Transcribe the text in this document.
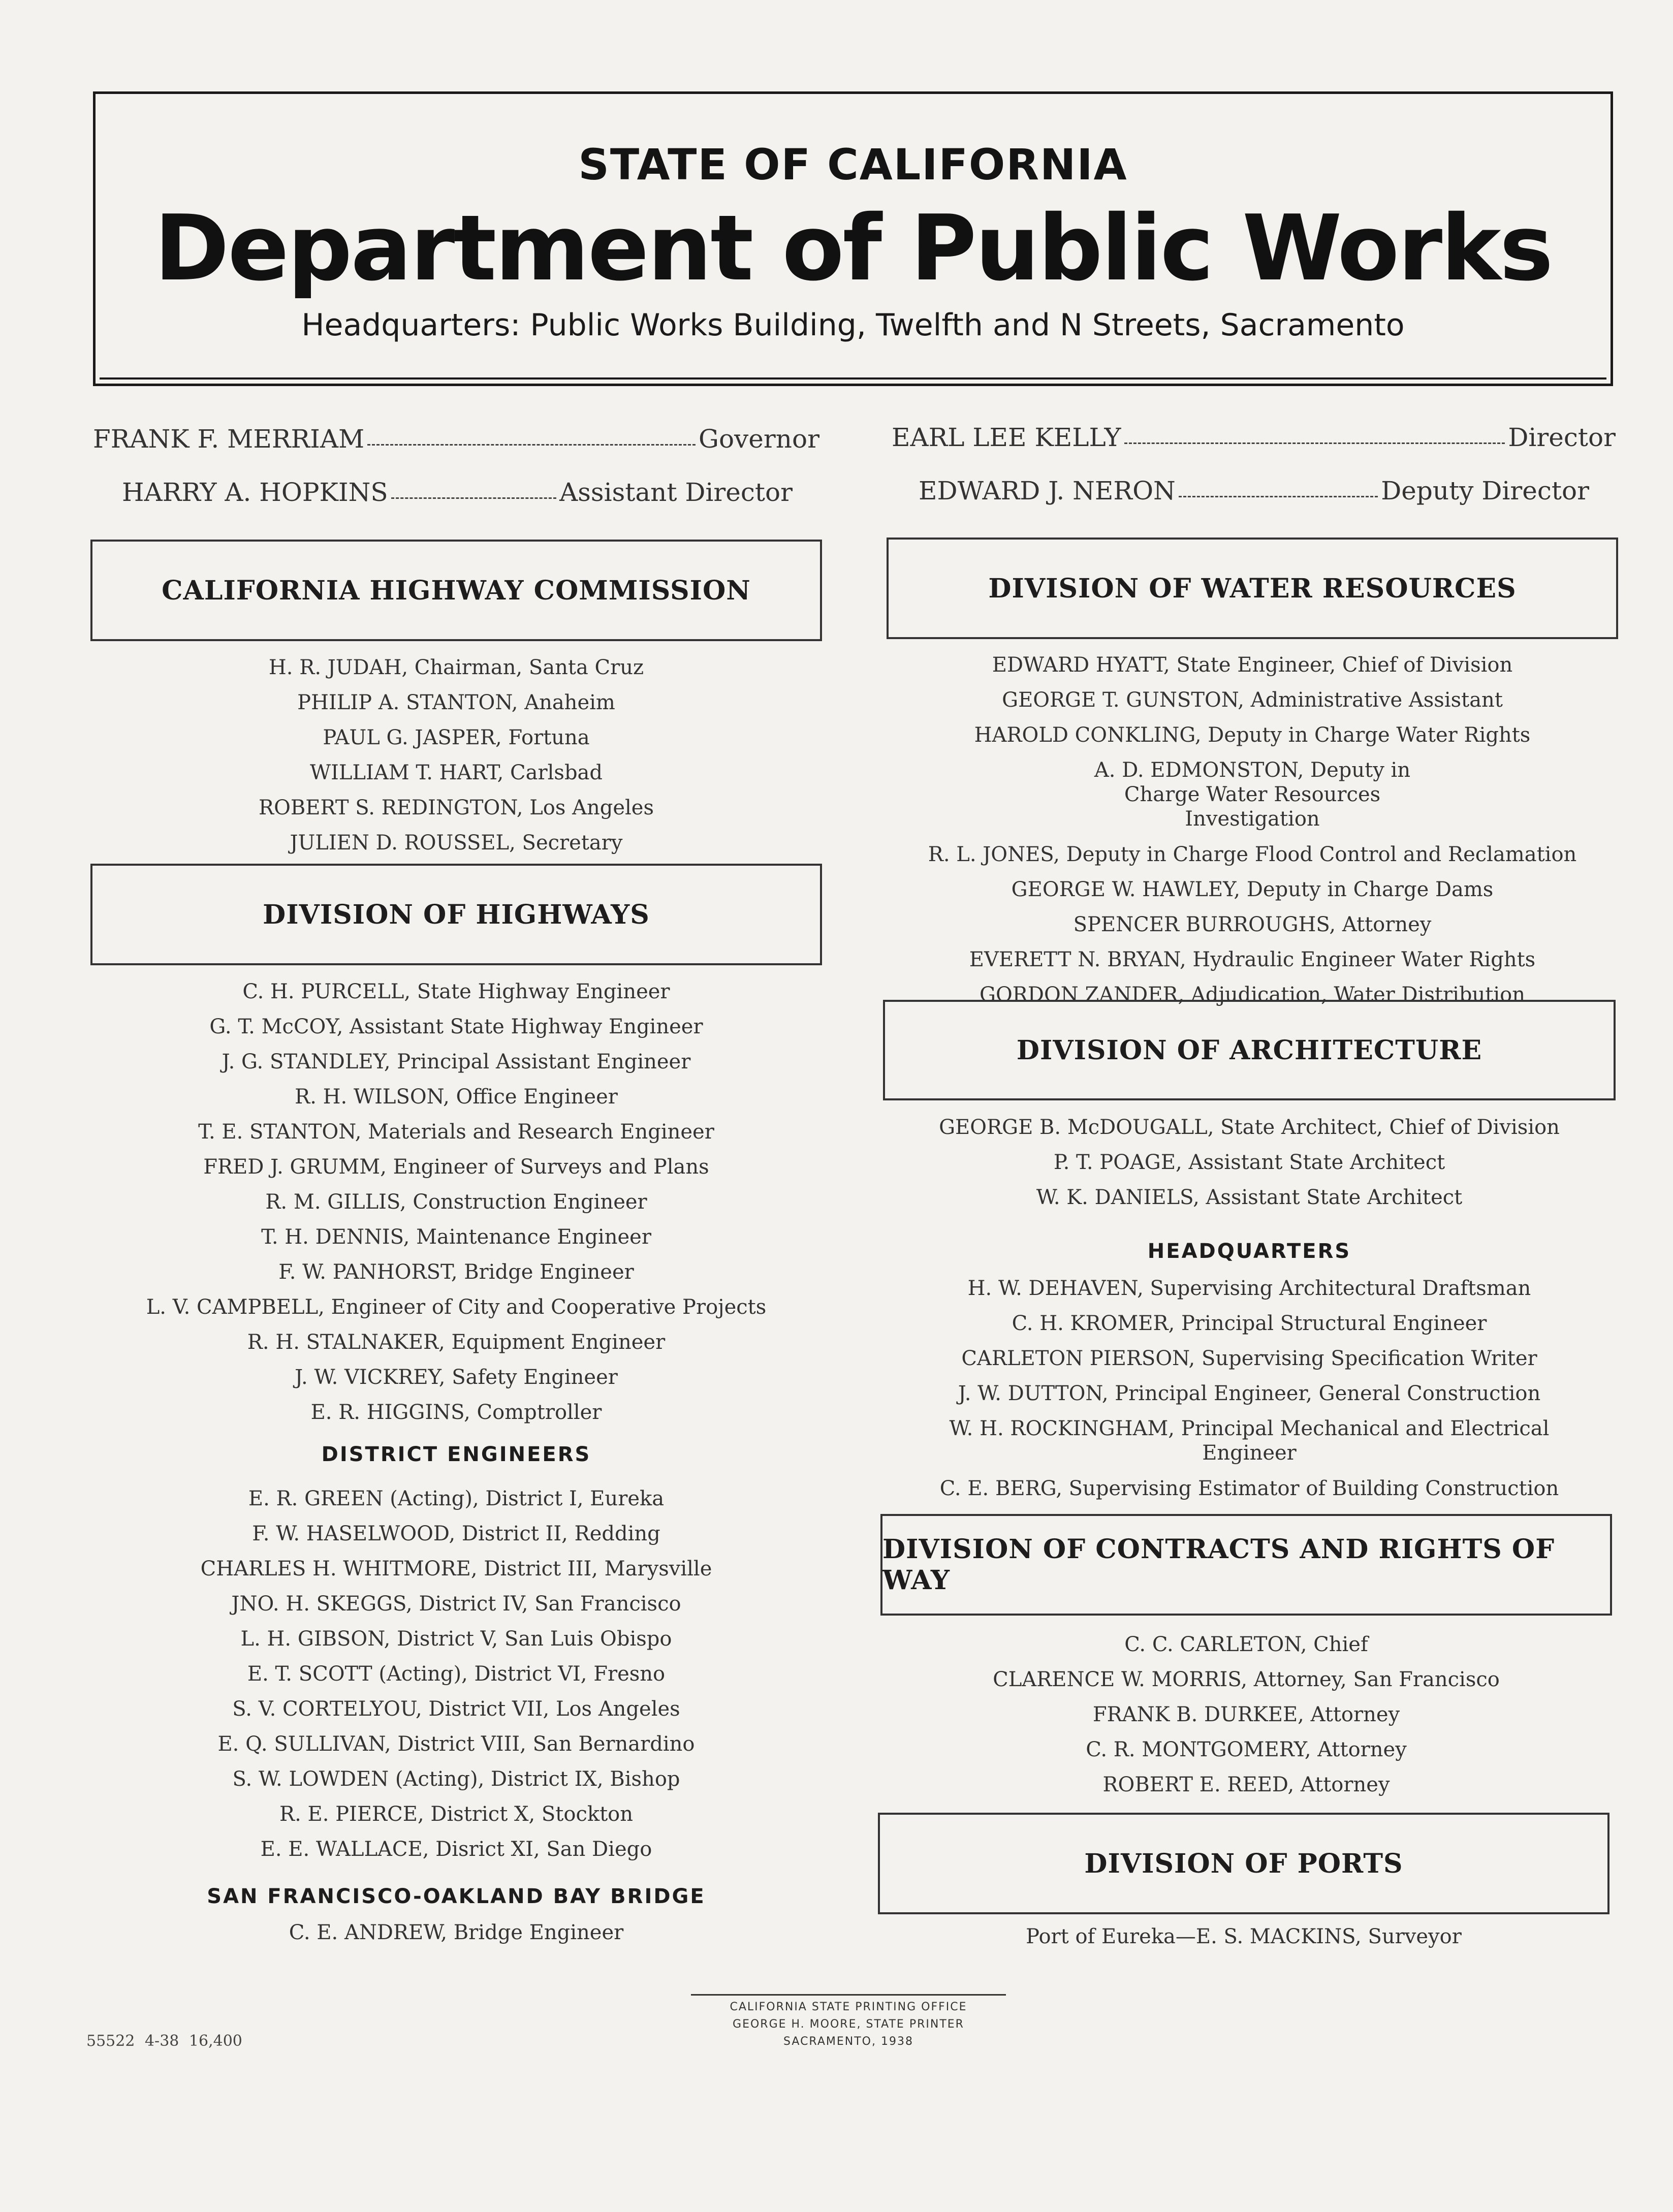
STATE OF CALIFORNIA
Department of Public Works
Headquarters: Public Works Building, Twelfth and N Streets, Sacramento
FRANK F. MERRIAM	Governor	EARL LEE KELLY	Director
HARRY A. HOPKINS	Assistant Director	EDWARD J. NERON	Deputy Director
CALIFORNIA HIGHWAY COMMISSION
H. R. JUDAH, Chairman, Santa Cruz
PHILIP A. STANTON, Anaheim
PAUL G. JASPER, Fortuna
WILLIAM T. HART, Carlsbad
ROBERT S. REDINGTON, Los Angeles
JULIEN D. ROUSSEL, Secretary
DIVISION OF HIGHWAYS
C. H. PURCELL, State Highway Engineer
G. T. McCOY, Assistant State Highway Engineer
J. G. STANDLEY, Principal Assistant Engineer
R. H. WILSON, Office Engineer
T. E. STANTON, Materials and Research Engineer
FRED J. GRUMM, Engineer of Surveys and Plans
R. M. GILLIS, Construction Engineer
T. H. DENNIS, Maintenance Engineer
F. W. PANHORST, Bridge Engineer
L. V. CAMPBELL, Engineer of City and Cooperative Projects
R. H. STALNAKER, Equipment Engineer
J. W. VICKREY, Safety Engineer
E. R. HIGGINS, Comptroller
DISTRICT ENGINEERS
E. R. GREEN (Acting), District I, Eureka
F. W. HASELWOOD, District II, Redding
CHARLES H. WHITMORE, District III, Marysville
JNO. H. SKEGGS, District IV, San Francisco
L. H. GIBSON, District V, San Luis Obispo
E. T. SCOTT (Acting), District VI, Fresno
S. V. CORTELYOU, District VII, Los Angeles
E. Q. SULLIVAN, District VIII, San Bernardino
S. W. LOWDEN (Acting), District IX, Bishop
R. E. PIERCE, District X, Stockton
E. E. WALLACE, Disrict XI, San Diego
SAN FRANCISCO-OAKLAND BAY BRIDGE
C. E. ANDREW, Bridge Engineer
DIVISION OF WATER RESOURCES
EDWARD HYATT, State Engineer, Chief of Division
GEORGE T. GUNSTON, Administrative Assistant
HAROLD CONKLING, Deputy in Charge Water Rights
A. D. EDMONSTON, Deputy in Charge Water Resources Investigation
R. L. JONES, Deputy in Charge Flood Control and Reclamation
GEORGE W. HAWLEY, Deputy in Charge Dams
SPENCER BURROUGHS, Attorney
EVERETT N. BRYAN, Hydraulic Engineer Water Rights
GORDON ZANDER, Adjudication, Water Distribution
DIVISION OF ARCHITECTURE
GEORGE B. McDOUGALL, State Architect, Chief of Division
P. T. POAGE, Assistant State Architect
W. K. DANIELS, Assistant State Architect
HEADQUARTERS
H. W. DEHAVEN, Supervising Architectural Draftsman
C. H. KROMER, Principal Structural Engineer
CARLETON PIERSON, Supervising Specification Writer
J. W. DUTTON, Principal Engineer, General Construction
W. H. ROCKINGHAM, Principal Mechanical and Electrical Engineer
C. E. BERG, Supervising Estimator of Building Construction
DIVISION OF CONTRACTS AND RIGHTS OF WAY
C. C. CARLETON, Chief
CLARENCE W. MORRIS, Attorney, San Francisco
FRANK B. DURKEE, Attorney
C. R. MONTGOMERY, Attorney
ROBERT E. REED, Attorney
DIVISION OF PORTS
Port of Eureka—E. S. MACKINS, Surveyor
55522 4-38 16,400
CALIFORNIA STATE PRINTING OFFICE
GEORGE H. MOORE, STATE PRINTER
SACRAMENTO, 1938
